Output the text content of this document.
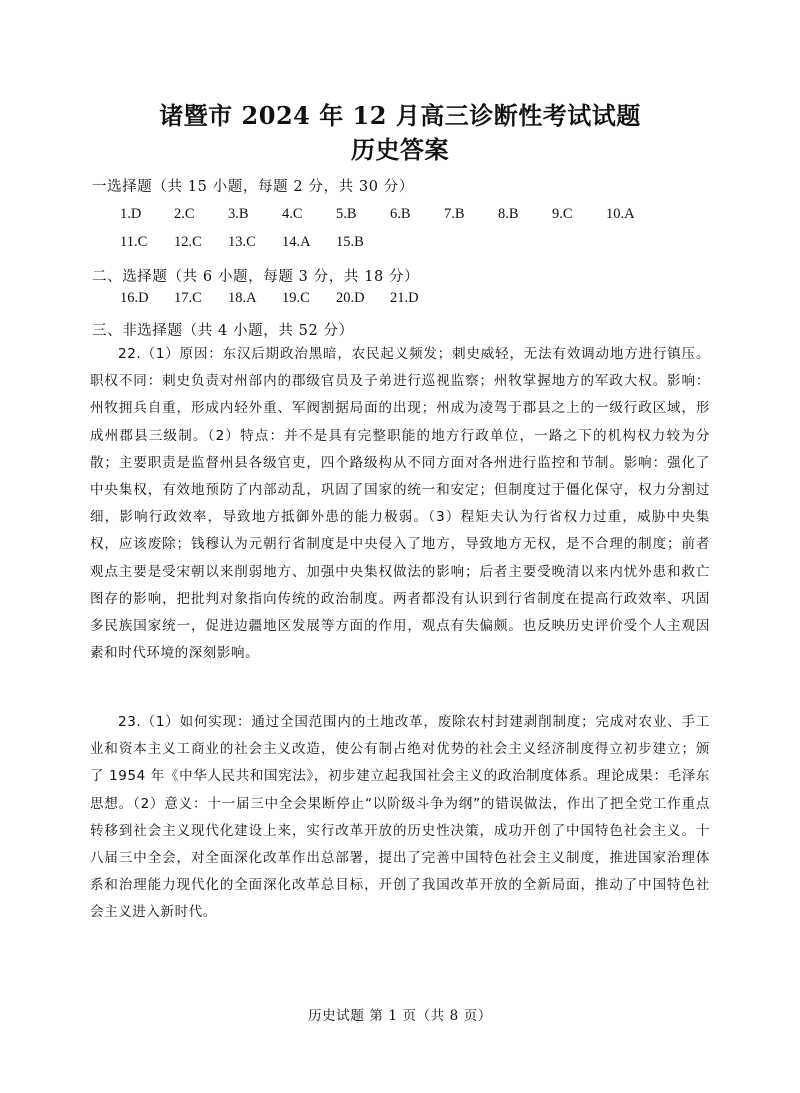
诸暨市 2024 年 12 月高三诊断性考试试题
历史答案
一选择题（共 15 小题，每题 2 分，共 30 分）
1.D	2.C	3.B	4.C	5.B	6.B	7.B	8.B	9.C	10.A
11.C	12.C	13.C	14.A	15.B
二、选择题（共 6 小题，每题 3 分，共 18 分）
16.D	17.C	18.A	19.C	20.D	21.D
三、非选择题（共 4 小题，共 52 分）
22.（1）原因：东汉后期政治黑暗，农民起义频发；刺史威轻，无法有效调动地方进行镇压。职权不同：刺史负责对州部内的郡级官员及子弟进行巡视监察；州牧掌握地方的军政大权。影响：州牧拥兵自重，形成内轻外重、军阀割据局面的出现；州成为凌驾于郡县之上的一级行政区域，形成州郡县三级制。（2）特点：并不是具有完整职能的地方行政单位，一路之下的机构权力较为分散；主要职责是监督州县各级官吏，四个路级构从不同方面对各州进行监控和节制。影响：强化了中央集权，有效地预防了内部动乱，巩固了国家的统一和安定；但制度过于僵化保守，权力分割过细，影响行政效率，导致地方抵御外患的能力极弱。（3）程矩夫认为行省权力过重，威胁中央集权，应该废除；钱穆认为元朝行省制度是中央侵入了地方，导致地方无权，是不合理的制度；前者观点主要是受宋朝以来削弱地方、加强中央集权做法的影响；后者主要受晚清以来内忧外患和救亡图存的影响，把批判对象指向传统的政治制度。两者都没有认识到行省制度在提高行政效率、巩固多民族国家统一，促进边疆地区发展等方面的作用，观点有失偏颇。也反映历史评价受个人主观因素和时代环境的深刻影响。
23.（1）如何实现：通过全国范围内的土地改革，废除农村封建剥削制度；完成对农业、手工业和资本主义工商业的社会主义改造，使公有制占绝对优势的社会主义经济制度得立初步建立；颁了 1954 年《中华人民共和国宪法》，初步建立起我国社会主义的政治制度体系。理论成果：毛泽东思想。（2）意义：十一届三中全会果断停止“以阶级斗争为纲”的错误做法，作出了把全党工作重点转移到社会主义现代化建设上来，实行改革开放的历史性决策，成功开创了中国特色社会主义。十八届三中全会，对全面深化改革作出总部署，提出了完善中国特色社会主义制度，推进国家治理体系和治理能力现代化的全面深化改革总目标，开创了我国改革开放的全新局面，推动了中国特色社会主义进入新时代。
历史试题 第 1 页（共 8 页）
